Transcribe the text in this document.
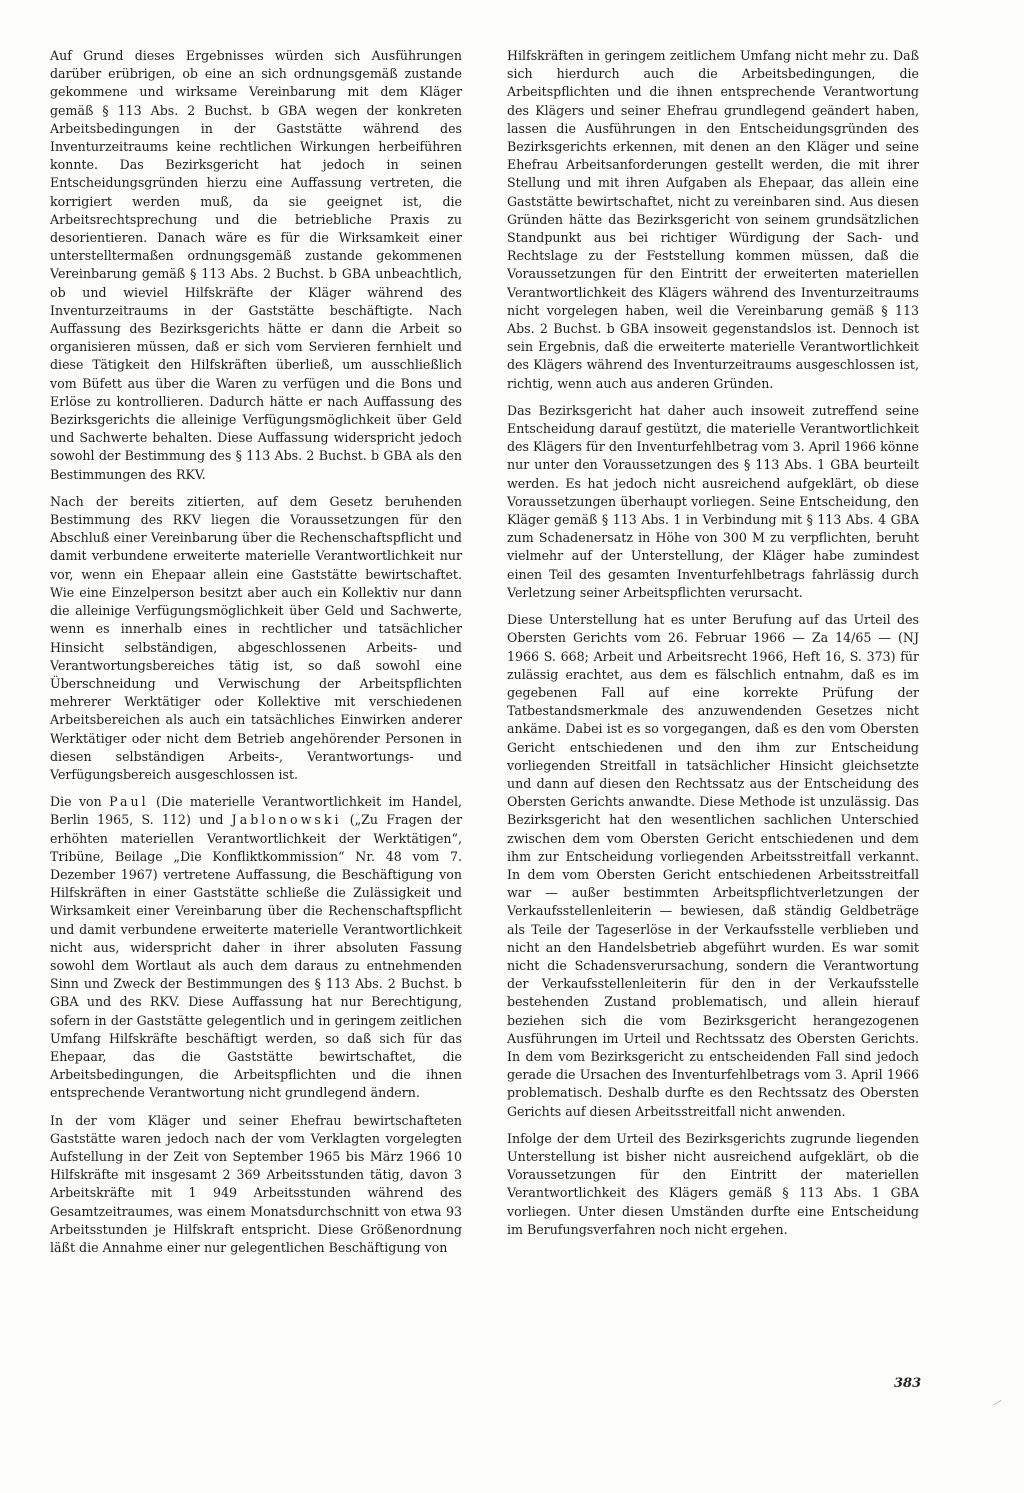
Auf Grund dieses Ergebnisses würden sich Ausführungen darüber erübrigen, ob eine an sich ordnungsgemäß zustande gekommene und wirksame Vereinbarung mit dem Kläger gemäß § 113 Abs. 2 Buchst. b GBA wegen der konkreten Arbeitsbedingungen in der Gaststätte während des Inventurzeitraums keine rechtlichen Wirkungen herbeiführen konnte. Das Bezirksgericht hat jedoch in seinen Entscheidungsgründen hierzu eine Auffassung vertreten, die korrigiert werden muß, da sie geeignet ist, die Arbeitsrechtsprechung und die betriebliche Praxis zu desorientieren. Danach wäre es für die Wirksamkeit einer unterstelltermaßen ordnungsgemäß zustande gekommenen Vereinbarung gemäß § 113 Abs. 2 Buchst. b GBA unbeachtlich, ob und wieviel Hilfskräfte der Kläger während des Inventurzeitraums in der Gaststätte beschäftigte. Nach Auffassung des Bezirksgerichts hätte er dann die Arbeit so organisieren müssen, daß er sich vom Servieren fernhielt und diese Tätigkeit den Hilfskräften überließ, um ausschließlich vom Büfett aus über die Waren zu verfügen und die Bons und Erlöse zu kontrollieren. Dadurch hätte er nach Auffassung des Bezirksgerichts die alleinige Verfügungsmöglichkeit über Geld und Sachwerte behalten. Diese Auffassung widerspricht jedoch sowohl der Bestimmung des § 113 Abs. 2 Buchst. b GBA als den Bestimmungen des RKV.

Nach der bereits zitierten, auf dem Gesetz beruhenden Bestimmung des RKV liegen die Voraussetzungen für den Abschluß einer Vereinbarung über die Rechenschaftspflicht und damit verbundene erweiterte materielle Verantwortlichkeit nur vor, wenn ein Ehepaar allein eine Gaststätte bewirtschaftet. Wie eine Einzelperson besitzt aber auch ein Kollektiv nur dann die alleinige Verfügungsmöglichkeit über Geld und Sachwerte, wenn es innerhalb eines in rechtlicher und tatsächlicher Hinsicht selbständigen, abgeschlossenen Arbeits- und Verantwortungsbereiches tätig ist, so daß sowohl eine Überschneidung und Verwischung der Arbeitspflichten mehrerer Werktätiger oder Kollektive mit verschiedenen Arbeitsbereichen als auch ein tatsächliches Einwirken anderer Werktätiger oder nicht dem Betrieb angehörender Personen in diesen selbständigen Arbeits-, Verantwortungs- und Verfügungsbereich ausgeschlossen ist.

Die von Paul (Die materielle Verantwortlichkeit im Handel, Berlin 1965, S. 112) und Jablonowski („Zu Fragen der erhöhten materiellen Verantwortlichkeit der Werktätigen“, Tribüne, Beilage „Die Konfliktkommission“ Nr. 48 vom 7. Dezember 1967) vertretene Auffassung, die Beschäftigung von Hilfskräften in einer Gaststätte schließe die Zulässigkeit und Wirksamkeit einer Vereinbarung über die Rechenschaftspflicht und damit verbundene erweiterte materielle Verantwortlichkeit nicht aus, widerspricht daher in ihrer absoluten Fassung sowohl dem Wortlaut als auch dem daraus zu entnehmenden Sinn und Zweck der Bestimmungen des § 113 Abs. 2 Buchst. b GBA und des RKV. Diese Auffassung hat nur Berechtigung, sofern in der Gaststätte gelegentlich und in geringem zeitlichen Umfang Hilfskräfte beschäftigt werden, so daß sich für das Ehepaar, das die Gaststätte bewirtschaftet, die Arbeitsbedingungen, die Arbeitspflichten und die ihnen entsprechende Verantwortung nicht grundlegend ändern.

In der vom Kläger und seiner Ehefrau bewirtschafteten Gaststätte waren jedoch nach der vom Verklagten vorgelegten Aufstellung in der Zeit von September 1965 bis März 1966 10 Hilfskräfte mit insgesamt 2 369 Arbeitsstunden tätig, davon 3 Arbeitskräfte mit 1 949 Arbeitsstunden während des Gesamtzeitraumes, was einem Monatsdurchschnitt von etwa 93 Arbeitsstunden je Hilfskraft entspricht. Diese Größenordnung läßt die Annahme einer nur gelegentlichen Beschäftigung von

Hilfskräften in geringem zeitlichem Umfang nicht mehr zu. Daß sich hierdurch auch die Arbeitsbedingungen, die Arbeitspflichten und die ihnen entsprechende Verantwortung des Klägers und seiner Ehefrau grundlegend geändert haben, lassen die Ausführungen in den Entscheidungsgründen des Bezirksgerichts erkennen, mit denen an den Kläger und seine Ehefrau Arbeitsanforderungen gestellt werden, die mit ihrer Stellung und mit ihren Aufgaben als Ehepaar, das allein eine Gaststätte bewirtschaftet, nicht zu vereinbaren sind. Aus diesen Gründen hätte das Bezirksgericht von seinem grundsätzlichen Standpunkt aus bei richtiger Würdigung der Sach- und Rechtslage zu der Feststellung kommen müssen, daß die Voraussetzungen für den Eintritt der erweiterten materiellen Verantwortlichkeit des Klägers während des Inventurzeitraums nicht vorgelegen haben, weil die Vereinbarung gemäß § 113 Abs. 2 Buchst. b GBA insoweit gegenstandslos ist. Dennoch ist sein Ergebnis, daß die erweiterte materielle Verantwortlichkeit des Klägers während des Inventurzeitraums ausgeschlossen ist, richtig, wenn auch aus anderen Gründen.

Das Bezirksgericht hat daher auch insoweit zutreffend seine Entscheidung darauf gestützt, die materielle Verantwortlichkeit des Klägers für den Inventurfehlbetrag vom 3. April 1966 könne nur unter den Voraussetzungen des § 113 Abs. 1 GBA beurteilt werden. Es hat jedoch nicht ausreichend aufgeklärt, ob diese Voraussetzungen überhaupt vorliegen. Seine Entscheidung, den Kläger gemäß § 113 Abs. 1 in Verbindung mit § 113 Abs. 4 GBA zum Schadenersatz in Höhe von 300 M zu verpflichten, beruht vielmehr auf der Unterstellung, der Kläger habe zumindest einen Teil des gesamten Inventurfehlbetrags fahrlässig durch Verletzung seiner Arbeitspflichten verursacht.

Diese Unterstellung hat es unter Berufung auf das Urteil des Obersten Gerichts vom 26. Februar 1966 — Za 14/65 — (NJ 1966 S. 668; Arbeit und Arbeitsrecht 1966, Heft 16, S. 373) für zulässig erachtet, aus dem es fälschlich entnahm, daß es im gegebenen Fall auf eine korrekte Prüfung der Tatbestandsmerkmale des anzuwendenden Gesetzes nicht ankäme. Dabei ist es so vorgegangen, daß es den vom Obersten Gericht entschiedenen und den ihm zur Entscheidung vorliegenden Streitfall in tatsächlicher Hinsicht gleichsetzte und dann auf diesen den Rechtssatz aus der Entscheidung des Obersten Gerichts anwandte. Diese Methode ist unzulässig. Das Bezirksgericht hat den wesentlichen sachlichen Unterschied zwischen dem vom Obersten Gericht entschiedenen und dem ihm zur Entscheidung vorliegenden Arbeitsstreitfall verkannt. In dem vom Obersten Gericht entschiedenen Arbeitsstreitfall war — außer bestimmten Arbeitspflichtverletzungen der Verkaufsstellenleiterin — bewiesen, daß ständig Geldbeträge als Teile der Tageserlöse in der Verkaufsstelle verblieben und nicht an den Handelsbetrieb abgeführt wurden. Es war somit nicht die Schadensverursachung, sondern die Verantwortung der Verkaufsstellenleiterin für den in der Verkaufsstelle bestehenden Zustand problematisch, und allein hierauf beziehen sich die vom Bezirksgericht herangezogenen Ausführungen im Urteil und Rechtssatz des Obersten Gerichts. In dem vom Bezirksgericht zu entscheidenden Fall sind jedoch gerade die Ursachen des Inventurfehlbetrags vom 3. April 1966 problematisch. Deshalb durfte es den Rechtssatz des Obersten Gerichts auf diesen Arbeitsstreitfall nicht anwenden.

Infolge der dem Urteil des Bezirksgerichts zugrunde liegenden Unterstellung ist bisher nicht ausreichend aufgeklärt, ob die Voraussetzungen für den Eintritt der materiellen Verantwortlichkeit des Klägers gemäß § 113 Abs. 1 GBA vorliegen. Unter diesen Umständen durfte eine Entscheidung im Berufungsverfahren noch nicht ergehen.

383
